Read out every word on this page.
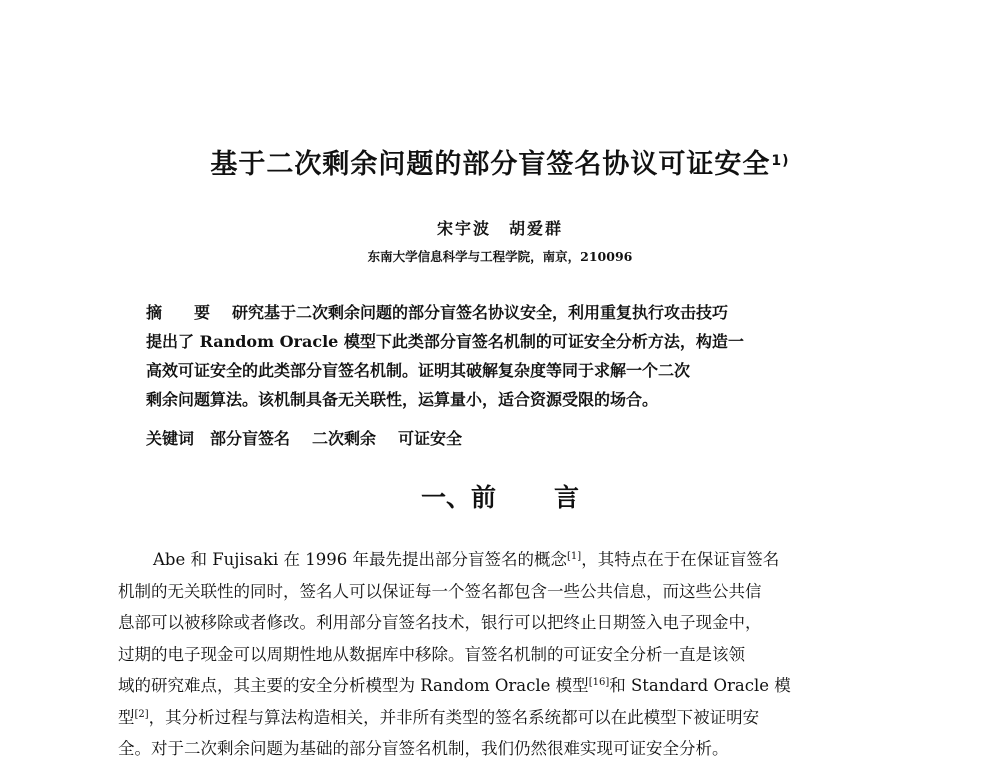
基于二次剩余问题的部分盲签名协议可证安全$^{1)}$
宋宇波 胡爱群
东南大学信息科学与工程学院，南京，210096
摘　要 研究基于二次剩余问题的部分盲签名协议安全，利用重复执行攻击技巧
提出了 Random Oracle 模型下此类部分盲签名机制的可证安全分析方法，构造一
高效可证安全的此类部分盲签名机制。证明其破解复杂度等同于求解一个二次
剩余问题算法。该机制具备无关联性，运算量小，适合资源受限的场合。
关键词 部分盲签名 二次剩余 可证安全
一、前 言
Abe 和 Fujisaki 在 1996 年最先提出部分盲签名的概念[1]，其特点在于在保证盲签名
机制的无关联性的同时，签名人可以保证每一个签名都包含一些公共信息，而这些公共信
息部可以被移除或者修改。利用部分盲签名技术，银行可以把终止日期签入电子现金中，
过期的电子现金可以周期性地从数据库中移除。盲签名机制的可证安全分析一直是该领
域的研究难点，其主要的安全分析模型为 Random Oracle 模型[16]和 Standard Oracle 模
型[2]，其分析过程与算法构造相关，并非所有类型的签名系统都可以在此模型下被证明安
全。对于二次剩余问题为基础的部分盲签名机制，我们仍然很难实现可证安全分析。
